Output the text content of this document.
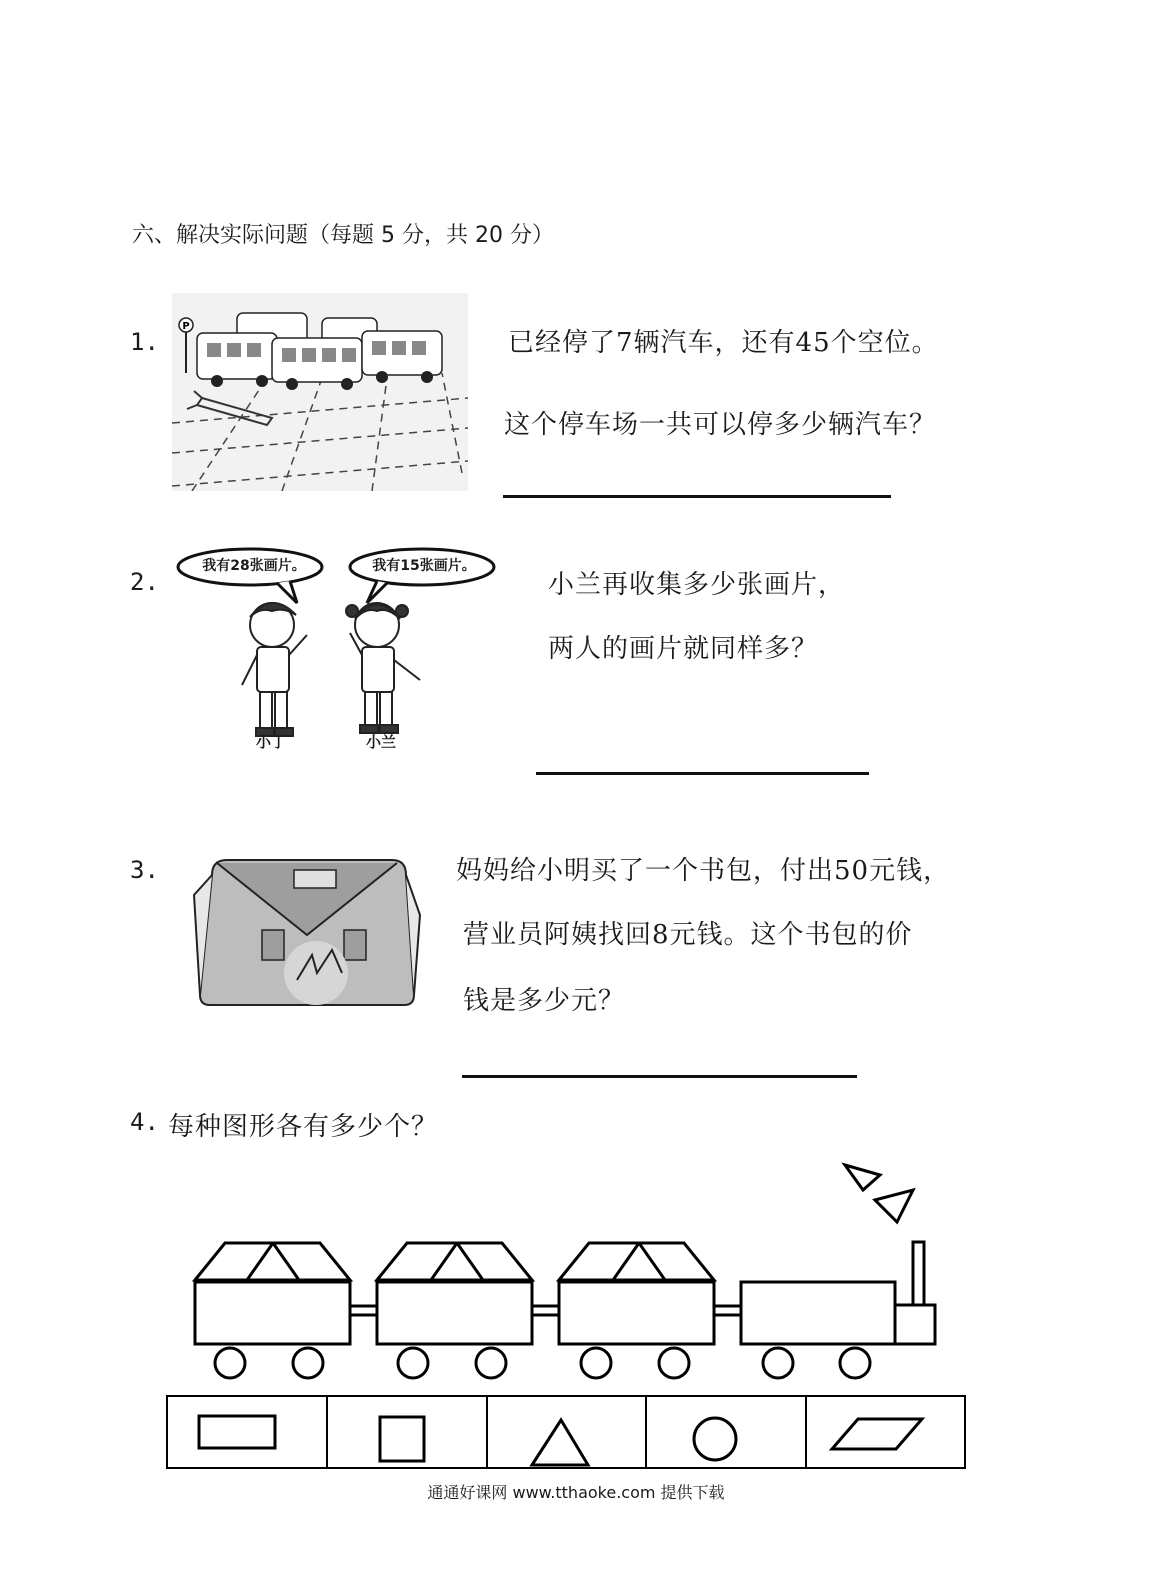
六、解决实际问题（每题 5 分，共 20 分）
1.
P
已经停了7辆汽车，还有45个空位。
这个停车场一共可以停多少辆汽车？
2.
我有28张画片。	我有15张画片。
小丁	小兰
小兰再收集多少张画片，
两人的画片就同样多？
3.	妈妈给小明买了一个书包，付出50元钱，
营业员阿姨找回8元钱。这个书包的价
钱是多少元？
4. 每种图形各有多少个？
通通好课网 www.tthaoke.com 提供下载
